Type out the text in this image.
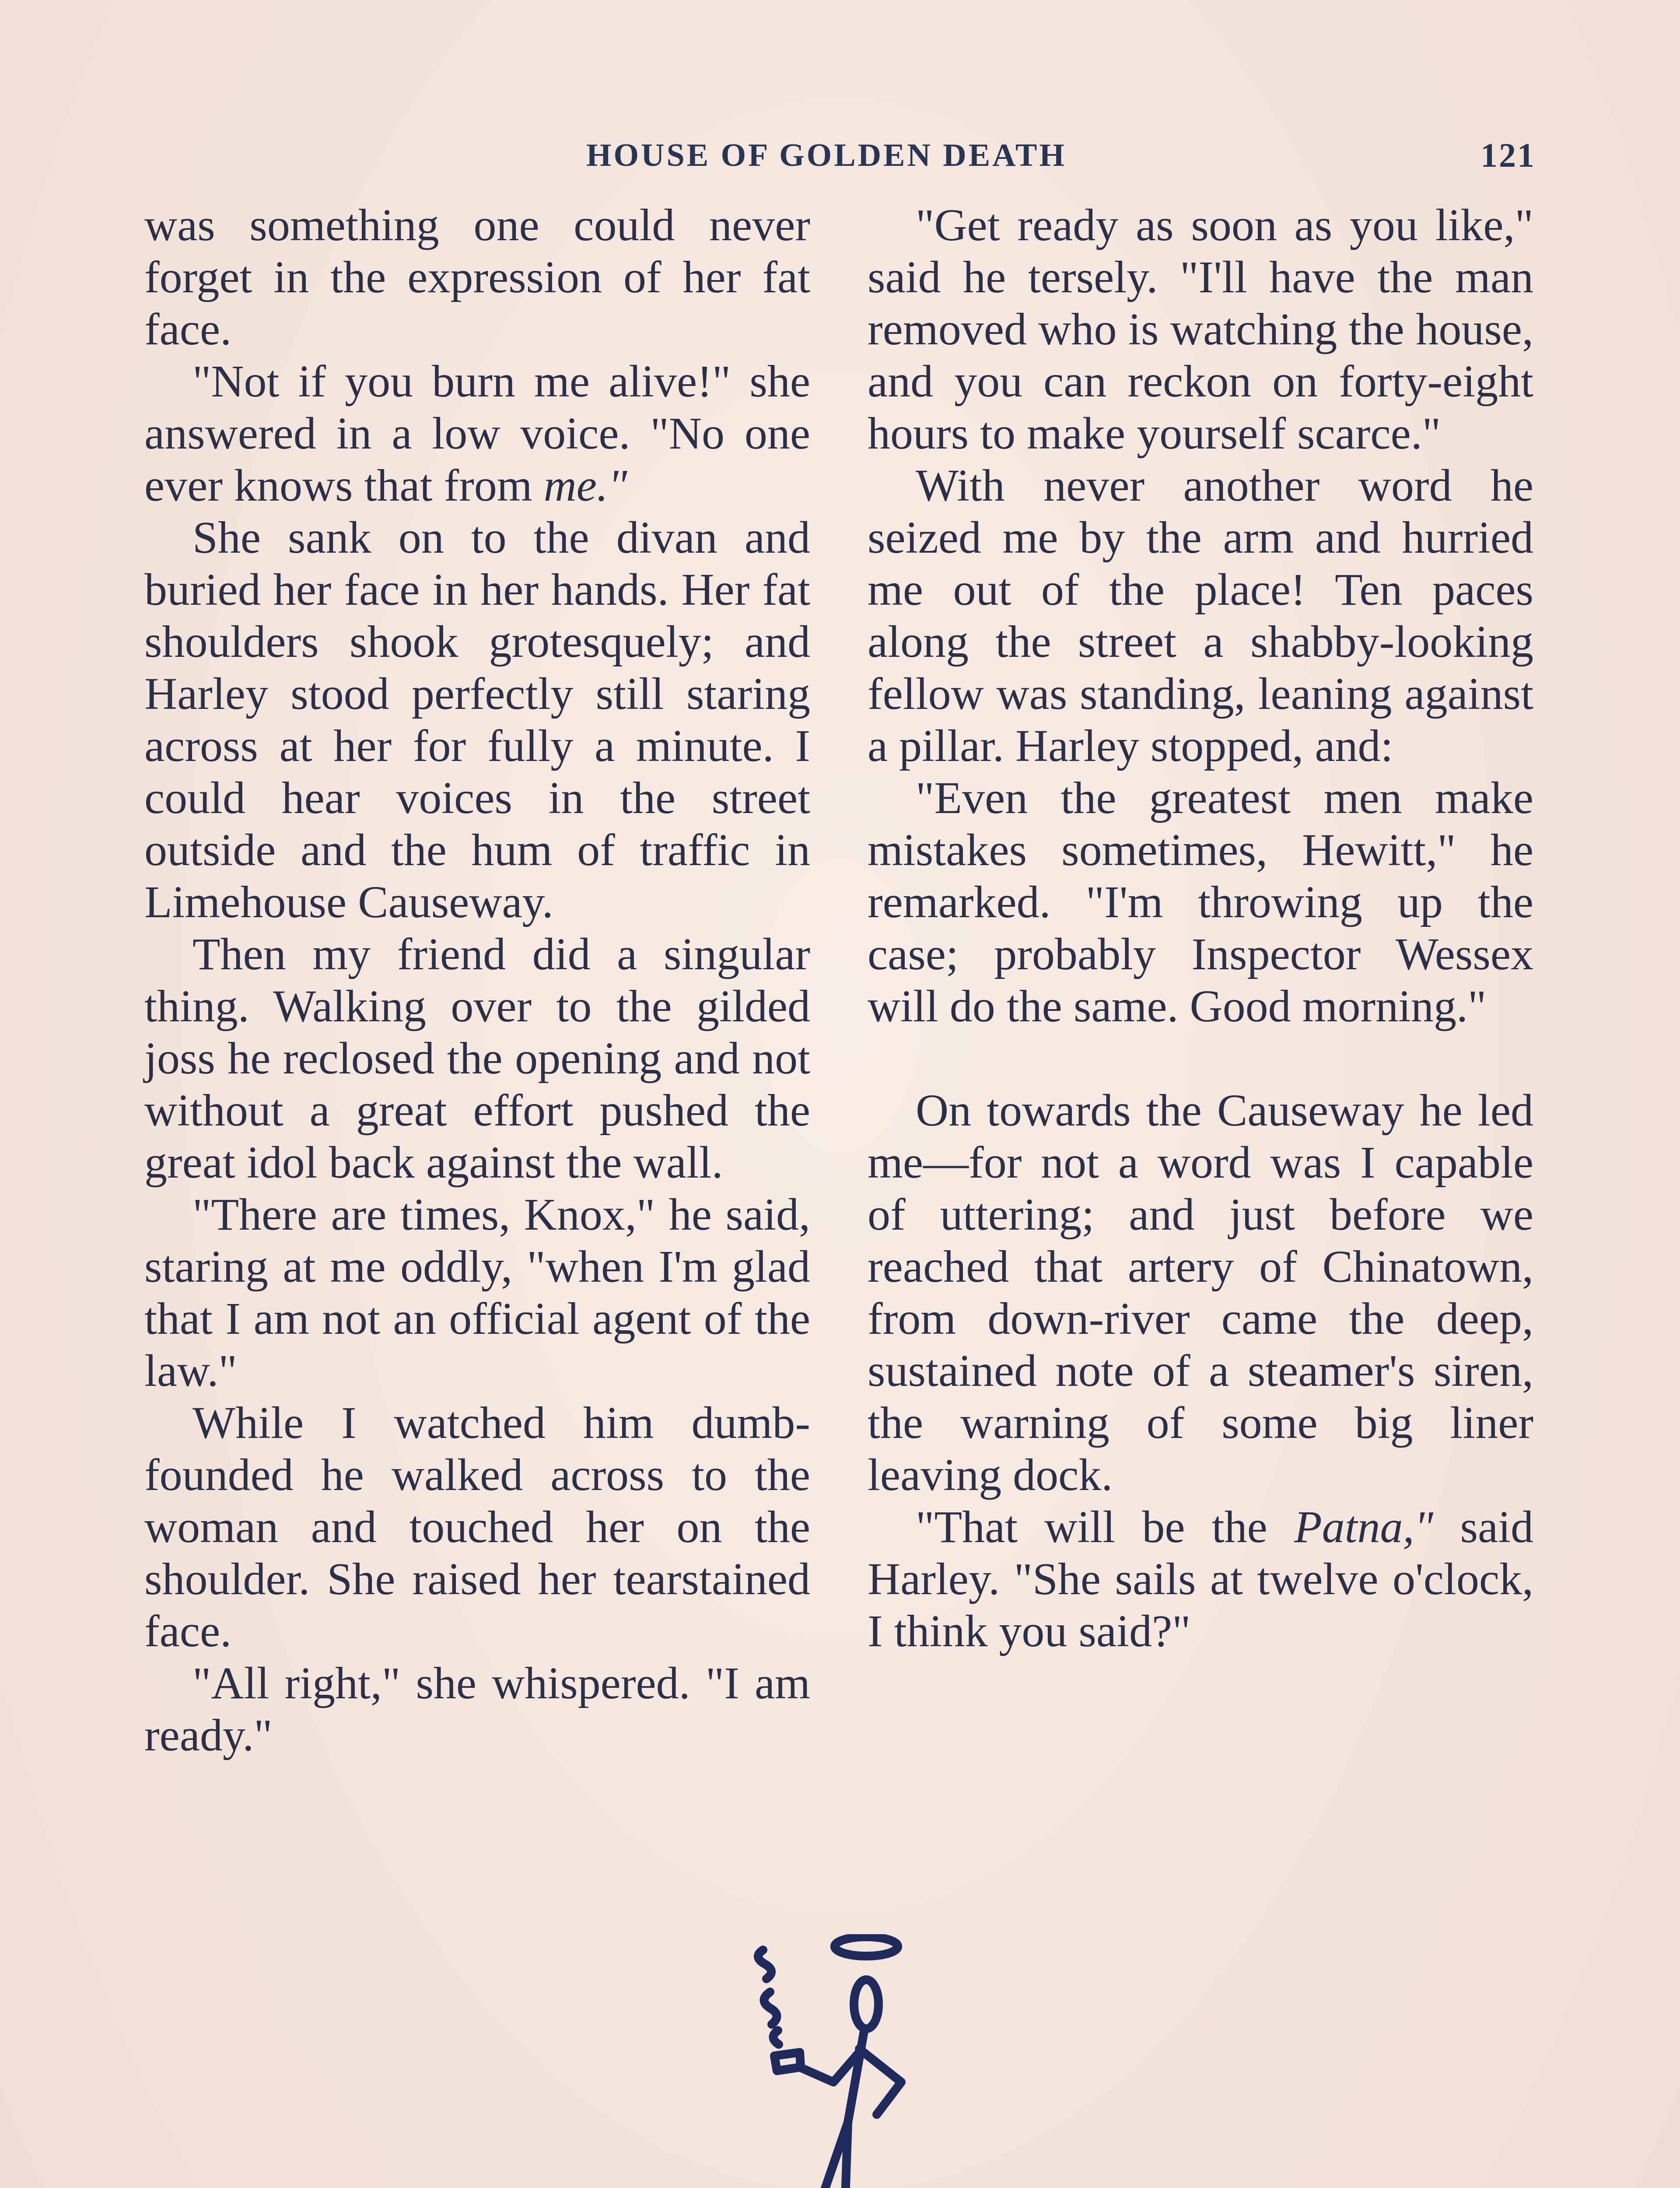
HOUSE OF GOLDEN DEATH	121

was something one could never forget in the expression of her fat face.

"Not if you burn me alive!" she answered in a low voice. "No one ever knows that from me."

She sank on to the divan and buried her face in her hands. Her fat shoulders shook grotesquely; and Harley stood perfectly still staring across at her for fully a minute. I could hear voices in the street outside and the hum of traffic in Limehouse Causeway.

Then my friend did a singular thing. Walking over to the gilded joss he reclosed the opening and not without a great effort pushed the great idol back against the wall.

"There are times, Knox," he said, staring at me oddly, "when I'm glad that I am not an official agent of the law."

While I watched him dumbfounded he walked across to the woman and touched her on the shoulder. She raised her tearstained face.

"All right," she whispered. "I am ready."

"Get ready as soon as you like," said he tersely. "I'll have the man removed who is watching the house, and you can reckon on forty-eight hours to make yourself scarce."

With never another word he seized me by the arm and hurried me out of the place! Ten paces along the street a shabby-looking fellow was standing, leaning against a pillar. Harley stopped, and:

"Even the greatest men make mistakes sometimes, Hewitt," he remarked. "I'm throwing up the case; probably Inspector Wessex will do the same. Good morning."

On towards the Causeway he led me—for not a word was I capable of uttering; and just before we reached that artery of Chinatown, from down-river came the deep, sustained note of a steamer's siren, the warning of some big liner leaving dock.

"That will be the Patna," said Harley. "She sails at twelve o'clock, I think you said?"
